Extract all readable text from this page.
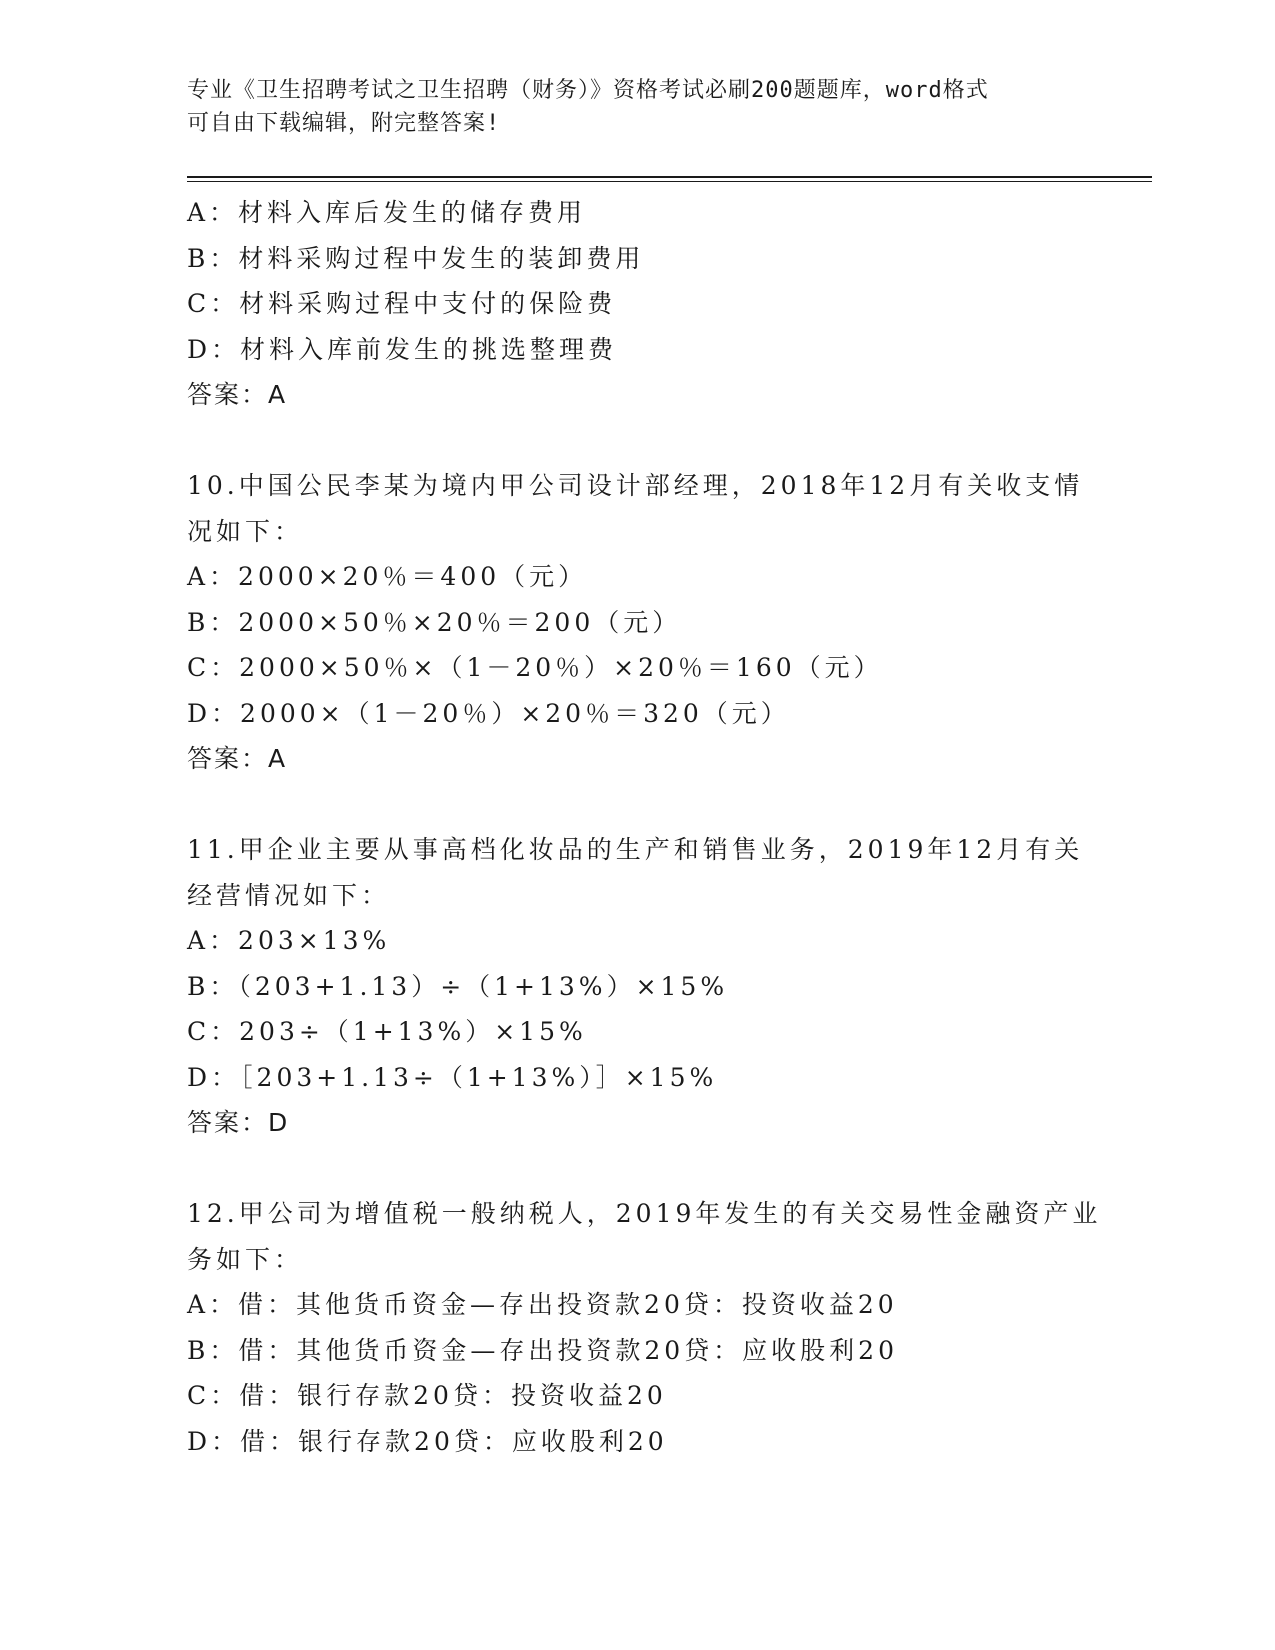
专业《卫生招聘考试之卫生招聘（财务）》资格考试必刷200题题库，word格式
可自由下载编辑，附完整答案!
A：材料入库后发生的储存费用
B：材料采购过程中发生的装卸费用
C：材料采购过程中支付的保险费
D：材料入库前发生的挑选整理费
答案：A
10.中国公民李某为境内甲公司设计部经理，2018年12月有关收支情
况如下：
A：2000×20％＝400（元）
B：2000×50％×20％＝200（元）
C：2000×50％×（1－20％）×20％＝160（元）
D：2000×（1－20％）×20％＝320（元）
答案：A
11.甲企业主要从事高档化妆品的生产和销售业务，2019年12月有关
经营情况如下：
A：203×13%
B：（203+1.13）÷（1+13%）×15%
C：203÷（1+13%）×15%
D：［203+1.13÷（1+13%）］×15%
答案：D
12.甲公司为增值税一般纳税人，2019年发生的有关交易性金融资产业
务如下：
A：借：其他货币资金—存出投资款20贷：投资收益20
B：借：其他货币资金—存出投资款20贷：应收股利20
C：借：银行存款20贷：投资收益20
D：借：银行存款20贷：应收股利20
